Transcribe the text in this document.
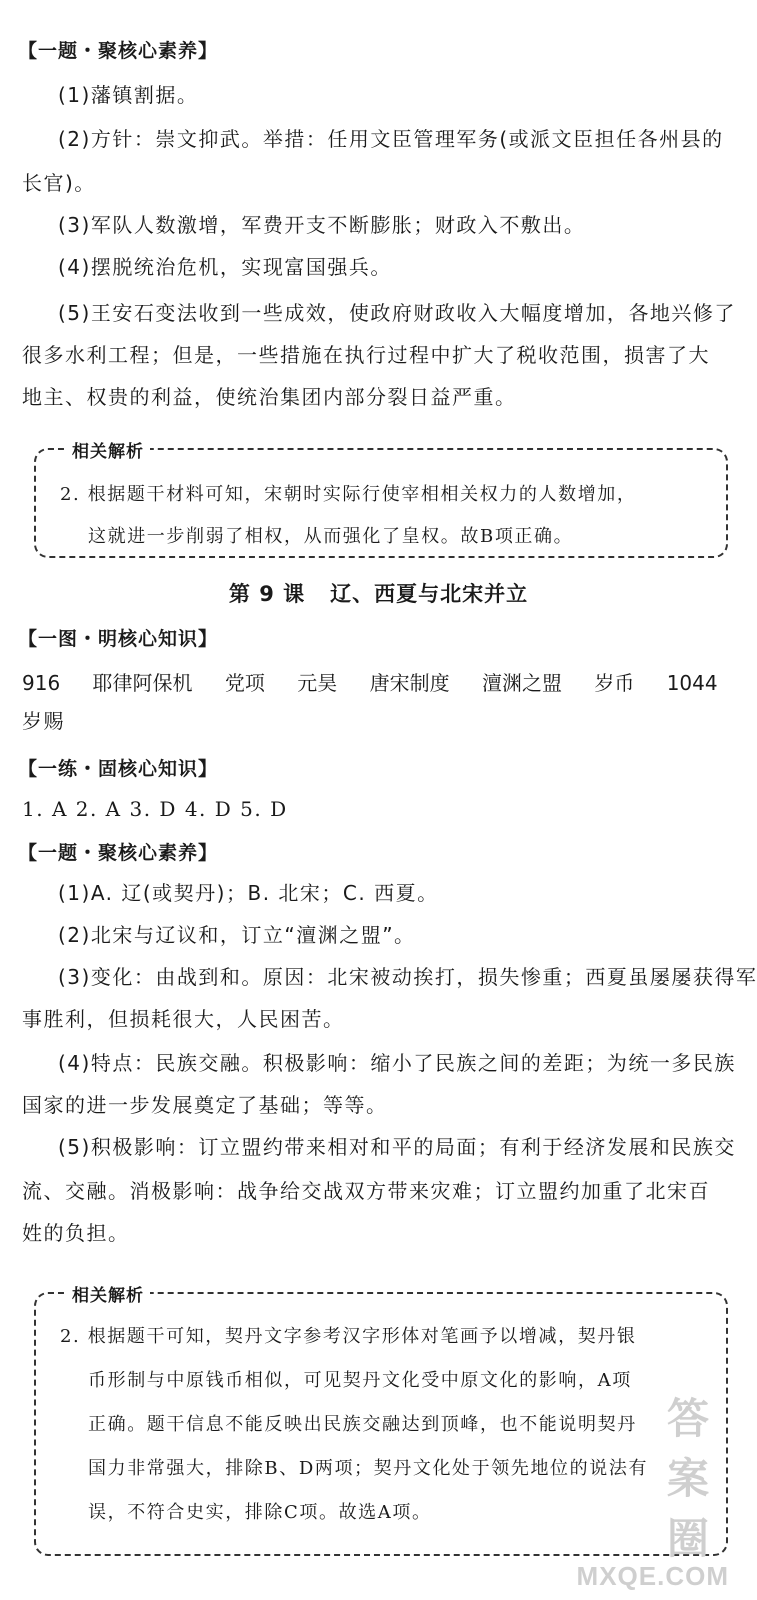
【一题・聚核心素养】
(1)藩镇割据。
(2)方针：崇文抑武。举措：任用文臣管理军务(或派文臣担任各州县的
长官)。
(3)军队人数激增，军费开支不断膨胀；财政入不敷出。
(4)摆脱统治危机，实现富国强兵。
(5)王安石变法收到一些成效，使政府财政收入大幅度增加，各地兴修了
很多水利工程；但是，一些措施在执行过程中扩大了税收范围，损害了大
地主、权贵的利益，使统治集团内部分裂日益严重。
相关解析
2. 根据题干材料可知，宋朝时实际行使宰相相关权力的人数增加，
这就进一步削弱了相权，从而强化了皇权。故B项正确。
第 9 课   辽、西夏与北宋并立
【一图・明核心知识】
916 耶律阿保机 党项 元昊 唐宋制度 澶渊之盟 岁币 1044
岁赐
【一练・固核心知识】
1. A 2. A 3. D 4. D 5. D
【一题・聚核心素养】
(1)A. 辽(或契丹)；B. 北宋；C. 西夏。
(2)北宋与辽议和，订立“澶渊之盟”。
(3)变化：由战到和。原因：北宋被动挨打，损失惨重；西夏虽屡屡获得军
事胜利，但损耗很大，人民困苦。
(4)特点：民族交融。积极影响：缩小了民族之间的差距；为统一多民族
国家的进一步发展奠定了基础；等等。
(5)积极影响：订立盟约带来相对和平的局面；有利于经济发展和民族交
流、交融。消极影响：战争给交战双方带来灾难；订立盟约加重了北宋百
姓的负担。
相关解析
2. 根据题干可知，契丹文字参考汉字形体对笔画予以增减，契丹银
币形制与中原钱币相似，可见契丹文化受中原文化的影响，A项
正确。题干信息不能反映出民族交融达到顶峰，也不能说明契丹
国力非常强大，排除B、D两项；契丹文化处于领先地位的说法有
误，不符合史实，排除C项。故选A项。
答案圈
MXQE.COM
